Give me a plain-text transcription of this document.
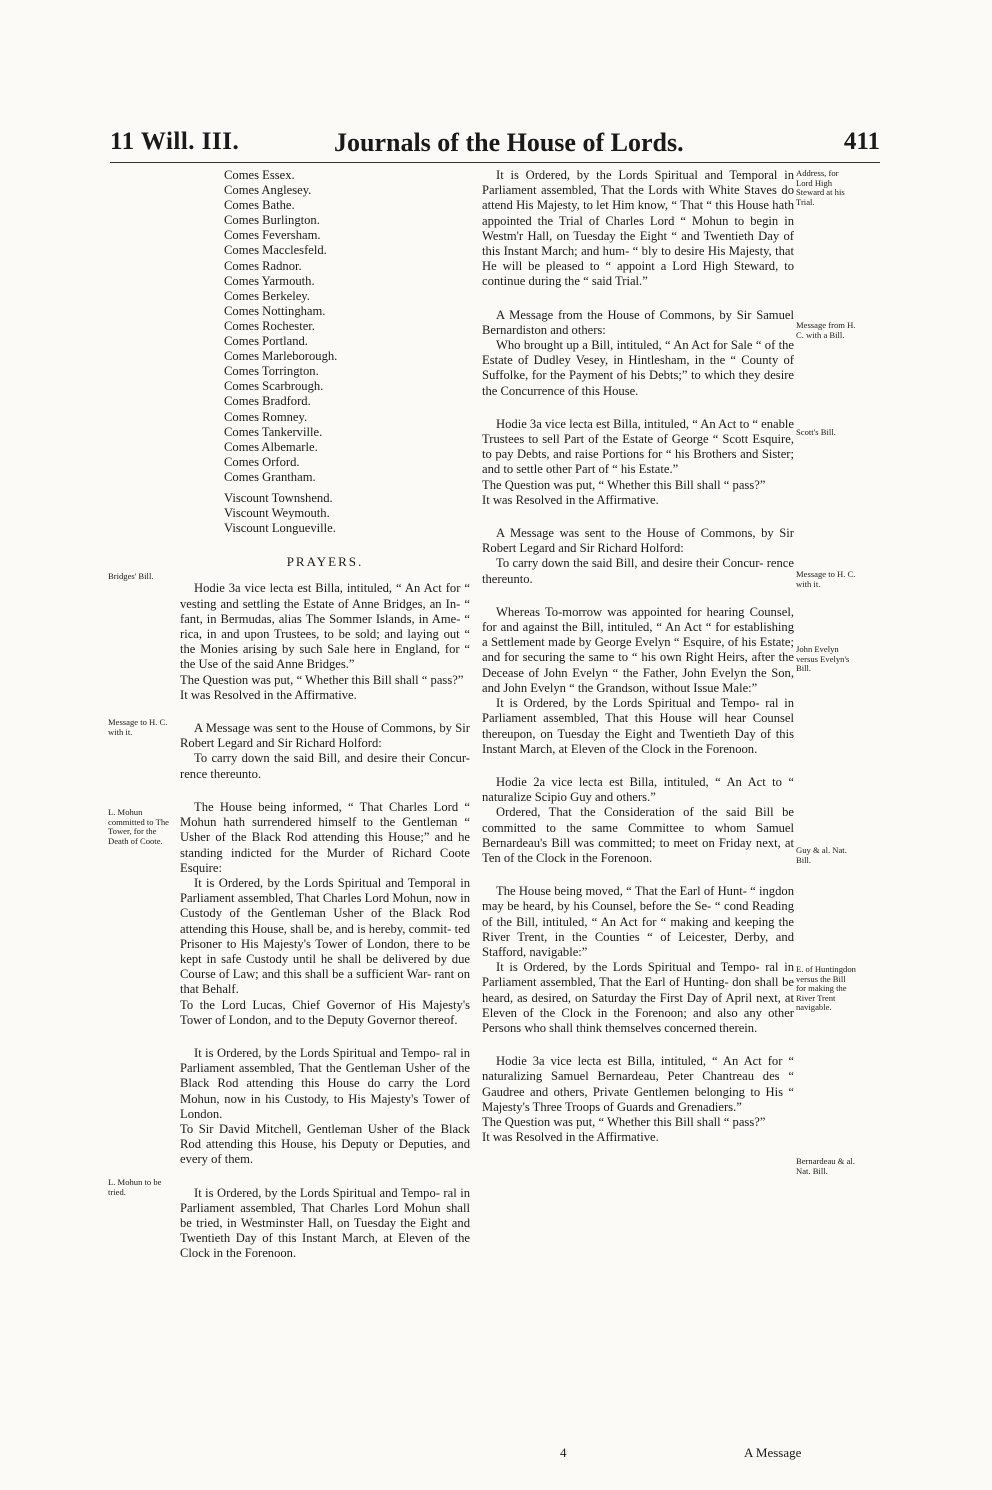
11 Will. III.	Journals of the House of Lords.	411
Comes Essex.
Comes Anglesey.
Comes Bathe.
Comes Burlington.
Comes Feversham.
Comes Macclesfeld.
Comes Radnor.
Comes Yarmouth.
Comes Berkeley.
Comes Nottingham.
Comes Rochester.
Comes Portland.
Comes Marleborough.
Comes Torrington.
Comes Scarbrough.
Comes Bradford.
Comes Romney.
Comes Tankerville.
Comes Albemarle.
Comes Orford.
Comes Grantham.
Viscount Townshend.
Viscount Weymouth.
Viscount Longueville.
PRAYERS.

Hodie 3a vice lecta est Billa, intituled, “ An Act for “ vesting and settling the Estate of Anne Bridges, an In- “ fant, in Bermudas, alias The Sommer Islands, in Ame- “ rica, in and upon Trustees, to be sold; and laying out “ the Monies arising by such Sale here in England, for “ the Use of the said Anne Bridges.”

The Question was put, “ Whether this Bill shall “ pass?”

It was Resolved in the Affirmative.

A Message was sent to the House of Commons, by Sir Robert Legard and Sir Richard Holford:

To carry down the said Bill, and desire their Concur- rence thereunto.

The House being informed, “ That Charles Lord “ Mohun hath surrendered himself to the Gentleman “ Usher of the Black Rod attending this House;” and he standing indicted for the Murder of Richard Coote Esquire:

It is Ordered, by the Lords Spiritual and Temporal in Parliament assembled, That Charles Lord Mohun, now in Custody of the Gentleman Usher of the Black Rod attending this House, shall be, and is hereby, commit- ted Prisoner to His Majesty's Tower of London, there to be kept in safe Custody until he shall be delivered by due Course of Law; and this shall be a sufficient War- rant on that Behalf.

To the Lord Lucas, Chief Governor of His Majesty's Tower of London, and to the Deputy Governor thereof.

It is Ordered, by the Lords Spiritual and Tempo- ral in Parliament assembled, That the Gentleman Usher of the Black Rod attending this House do carry the Lord Mohun, now in his Custody, to His Majesty's Tower of London.

To Sir David Mitchell, Gentleman Usher of the Black Rod attending this House, his Deputy or Deputies, and every of them.

It is Ordered, by the Lords Spiritual and Tempo- ral in Parliament assembled, That Charles Lord Mohun shall be tried, in Westminster Hall, on Tuesday the Eight and Twentieth Day of this Instant March, at Eleven of the Clock in the Forenoon.

It is Ordered, by the Lords Spiritual and Temporal in Parliament assembled, That the Lords with White Staves do attend His Majesty, to let Him know, “ That “ this House hath appointed the Trial of Charles Lord “ Mohun to begin in Westm'r Hall, on Tuesday the Eight “ and Twentieth Day of this Instant March; and hum- “ bly to desire His Majesty, that He will be pleased to “ appoint a Lord High Steward, to continue during the “ said Trial.”

A Message from the House of Commons, by Sir Samuel Bernardiston and others:

Who brought up a Bill, intituled, “ An Act for Sale “ of the Estate of Dudley Vesey, in Hintlesham, in the “ County of Suffolke, for the Payment of his Debts;” to which they desire the Concurrence of this House.

Hodie 3a vice lecta est Billa, intituled, “ An Act to “ enable Trustees to sell Part of the Estate of George “ Scott Esquire, to pay Debts, and raise Portions for “ his Brothers and Sister; and to settle other Part of “ his Estate.”

The Question was put, “ Whether this Bill shall “ pass?”

It was Resolved in the Affirmative.

A Message was sent to the House of Commons, by Sir Robert Legard and Sir Richard Holford:

To carry down the said Bill, and desire their Concur- rence thereunto.

Whereas To-morrow was appointed for hearing Counsel, for and against the Bill, intituled, “ An Act “ for establishing a Settlement made by George Evelyn “ Esquire, of his Estate; and for securing the same to “ his own Right Heirs, after the Decease of John Evelyn “ the Father, John Evelyn the Son, and John Evelyn “ the Grandson, without Issue Male:”

It is Ordered, by the Lords Spiritual and Tempo- ral in Parliament assembled, That this House will hear Counsel thereupon, on Tuesday the Eight and Twentieth Day of this Instant March, at Eleven of the Clock in the Forenoon.

Hodie 2a vice lecta est Billa, intituled, “ An Act to “ naturalize Scipio Guy and others.”

Ordered, That the Consideration of the said Bill be committed to the same Committee to whom Samuel Bernardeau's Bill was committed; to meet on Friday next, at Ten of the Clock in the Forenoon.

The House being moved, “ That the Earl of Hunt- “ ingdon may be heard, by his Counsel, before the Se- “ cond Reading of the Bill, intituled, “ An Act for “ making and keeping the River Trent, in the Counties “ of Leicester, Derby, and Stafford, navigable:”

It is Ordered, by the Lords Spiritual and Tempo- ral in Parliament assembled, That the Earl of Hunting- don shall be heard, as desired, on Saturday the First Day of April next, at Eleven of the Clock in the Forenoon; and also any other Persons who shall think themselves concerned therein.

Hodie 3a vice lecta est Billa, intituled, “ An Act for “ naturalizing Samuel Bernardeau, Peter Chantreau des “ Gaudree and others, Private Gentlemen belonging to His “ Majesty's Three Troops of Guards and Grenadiers.”

The Question was put, “ Whether this Bill shall “ pass?”

It was Resolved in the Affirmative.

Bridges' Bill.
Message to H. C. with it.
L. Mohun committed to The Tower, for the Death of Coote.
L. Mohun to be tried.
Address, for Lord High Steward at his Trial.
Message from H. C. with a Bill.
Scott's Bill.
Message to H. C. with it.
John Evelyn versus Evelyn's Bill.
Guy & al. Nat. Bill.
E. of Huntingdon versus the Bill for making the River Trent navigable.
Bernardeau & al. Nat. Bill.
4	A Message
